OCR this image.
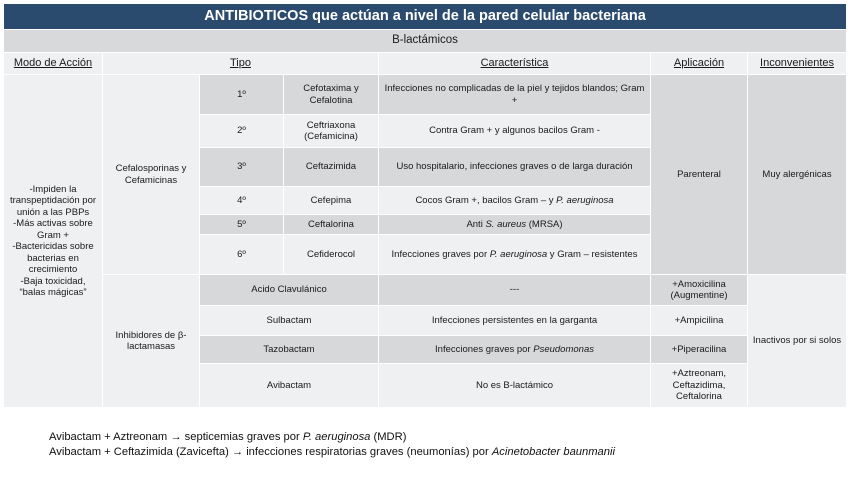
ANTIBIOTICOS que actúan a nivel de la pared celular bacteriana						
B-lactámicos						
Modo de Acción	Tipo			Característica	Aplicación	Inconvenientes

-Impiden la transpeptidación por unión a las PBPs
-Más activas sobre Gram +
-Bactericidas sobre bacterias en crecimiento
-Baja toxicidad, “balas mágicas”	Cefalosporinas y Cefamicinas	1º	Cefotaxima y Cefalotina	Infecciones no complicadas de la piel y tejidos blandos; Gram +	Parenteral	Muy alergénicas
		2º	Ceftriaxona (Cefamicina)	Contra Gram + y algunos bacilos Gram -		
		3º	Ceftazimida	Uso hospitalario, infecciones graves o de larga duración		
		4º	Cefepima	Cocos Gram +, bacilos Gram – y P. aeruginosa		
		5º	Ceftalorina	Anti S. aureus (MRSA)		
		6º	Cefiderocol	Infecciones graves por P. aeruginosa y Gram – resistentes		
	Inhibidores de β-lactamasas	Acido Clavulánico		---	+Amoxicilina (Augmentine)	Inactivos por si solos
		Sulbactam		Infecciones persistentes en la garganta	+Ampicilina	
		Tazobactam		Infecciones graves por Pseudomonas	+Piperacilina	
		Avibactam		No es B-lactámico	+Aztreonam, Ceftazidima, Ceftalorina	
Avibactam + Aztreonam → septicemias graves por P. aeruginosa (MDR)
Avibactam + Ceftazimida (Zavicefta) → infecciones respiratorias graves (neumonías) por Acinetobacter baunmanii
